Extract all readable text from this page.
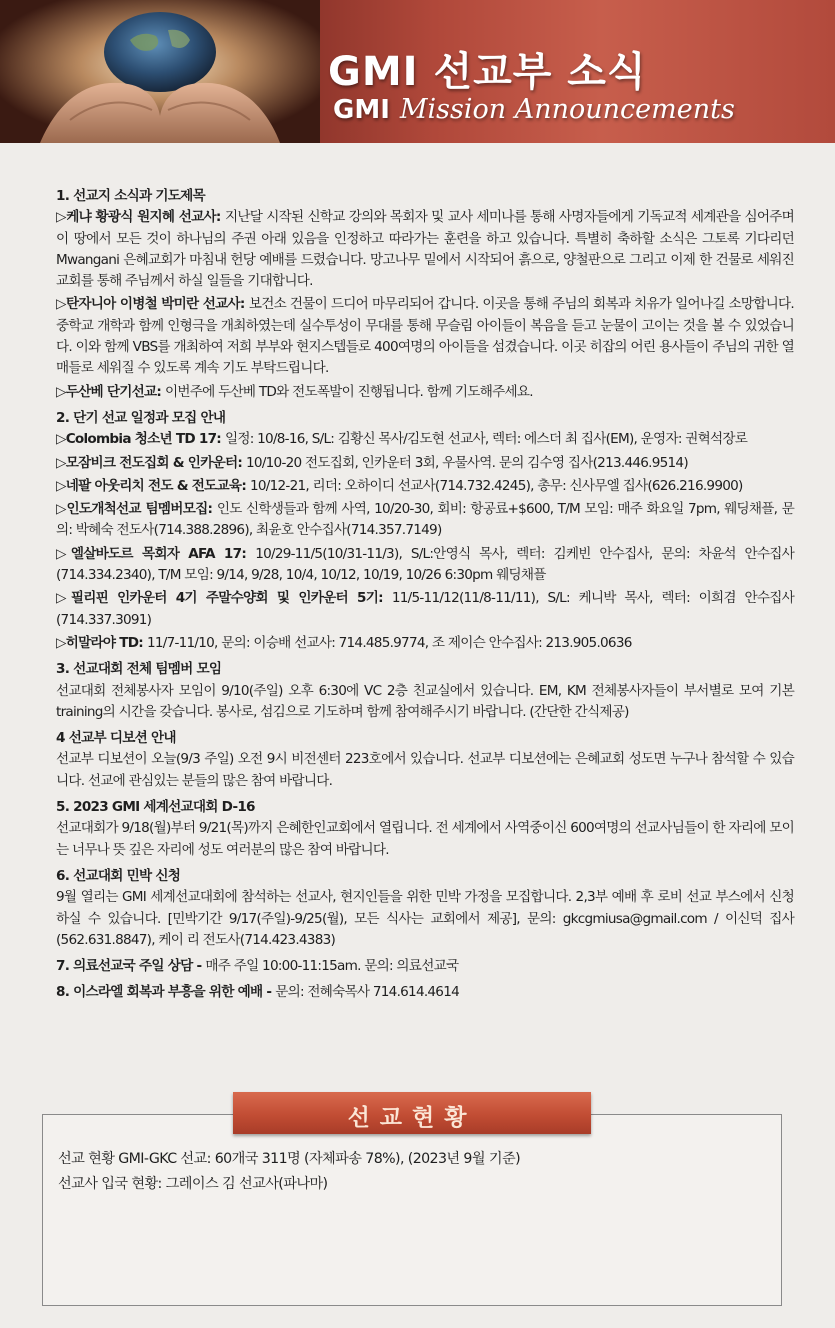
GMI 선교부 소식
GMI Mission Announcements
1. 선교지 소식과 기도제목
▷케냐 황광식 원지혜 선교사: 지난달 시작된 신학교 강의와 목회자 및 교사 세미나를 통해 사명자들에게 기독교적 세계관을 심어주며 이 땅에서 모든 것이 하나님의 주권 아래 있음을 인정하고 따라가는 훈련을 하고 있습니다. 특별히 축하할 소식은 그토록 기다리던 Mwangani 은혜교회가 마침내 헌당 예배를 드렸습니다. 망고나무 밑에서 시작되어 흙으로, 양철판으로 그리고 이제 한 건물로 세워진 교회를 통해 주님께서 하실 일들을 기대합니다.
▷탄자니아 이병철 박미란 선교사: 보건소 건물이 드디어 마무리되어 갑니다. 이곳을 통해 주님의 회복과 치유가 일어나길 소망합니다. 중학교 개학과 함께 인형극을 개최하였는데 실수투성이 무대를 통해 무슬림 아이들이 복음을 듣고 눈물이 고이는 것을 볼 수 있었습니다. 이와 함께 VBS를 개최하여 저희 부부와 현지스텝들로 400여명의 아이들을 섬겼습니다. 이곳 히잡의 어린 용사들이 주님의 귀한 열매들로 세워질 수 있도록 계속 기도 부탁드립니다.
▷두산베 단기선교: 이번주에 두산베 TD와 전도폭발이 진행됩니다. 함께 기도해주세요.
2. 단기 선교 일정과 모집 안내
▷Colombia 청소년 TD 17: 일정: 10/8-16, S/L: 김황신 목사/김도현 선교사, 렉터: 에스더 최 집사(EM), 운영자: 권혁석장로
▷모잠비크 전도집회 & 인카운터: 10/10-20 전도집회, 인카운터 3회, 우물사역. 문의 김수영 집사(213.446.9514)
▷네팔 아웃리치 전도 & 전도교육: 10/12-21, 리더: 오하이디 선교사(714.732.4245), 총무: 신사무엘 집사(626.216.9900)
▷인도개척선교 팀멤버모집: 인도 신학생들과 함께 사역, 10/20-30, 회비: 항공료+$600, T/M 모임: 매주 화요일 7pm, 웨딩채플, 문의: 박혜숙 전도사(714.388.2896), 최윤호 안수집사(714.357.7149)
▷엘살바도르 목회자 AFA 17: 10/29-11/5(10/31-11/3), S/L:안영식 목사, 렉터: 김케빈 안수집사, 문의: 차윤석 안수집사(714.334.2340), T/M 모임: 9/14, 9/28, 10/4, 10/12, 10/19, 10/26 6:30pm 웨딩채플
▷필리핀 인카운터 4기 주말수양회 및 인카운터 5기: 11/5-11/12(11/8-11/11), S/L: 케니박 목사, 렉터: 이희겸 안수집사(714.337.3091)
▷히말라야 TD: 11/7-11/10, 문의: 이승배 선교사: 714.485.9774, 조 제이슨 안수집사: 213.905.0636
3. 선교대회 전체 팀멤버 모임
선교대회 전체봉사자 모임이 9/10(주일) 오후 6:30에 VC 2층 친교실에서 있습니다. EM, KM 전체봉사자들이 부서별로 모여 기본 training의 시간을 갖습니다. 봉사로, 섬김으로 기도하며 함께 참여해주시기 바랍니다. (간단한 간식제공)
4 선교부 디보션 안내
선교부 디보션이 오늘(9/3 주일) 오전 9시 비전센터 223호에서 있습니다. 선교부 디보션에는 은혜교회 성도면 누구나 참석할 수 있습니다. 선교에 관심있는 분들의 많은 참여 바랍니다.
5. 2023 GMI 세계선교대회 D-16
선교대회가 9/18(월)부터 9/21(목)까지 은혜한인교회에서 열립니다. 전 세계에서 사역중이신 600여명의 선교사님들이 한 자리에 모이는 너무나 뜻 깊은 자리에 성도 여러분의 많은 참여 바랍니다.
6. 선교대회 민박 신청
9월 열리는 GMI 세계선교대회에 참석하는 선교사, 현지인들을 위한 민박 가정을 모집합니다. 2,3부 예배 후 로비 선교 부스에서 신청하실 수 있습니다. [민박기간 9/17(주일)-9/25(월), 모든 식사는 교회에서 제공], 문의: gkcgmiusa@gmail.com / 이신덕 집사 (562.631.8847), 케이 리 전도사(714.423.4383)
7. 의료선교국 주일 상담 - 매주 주일 10:00-11:15am. 문의: 의료선교국
8. 이스라엘 회복과 부흥을 위한 예배 - 문의: 전혜숙목사 714.614.4614
선교현황
선교 현황 GMI-GKC 선교: 60개국 311명 (자체파송 78%), (2023년 9월 기준)
선교사 입국 현황: 그레이스 김 선교사(파나마)
